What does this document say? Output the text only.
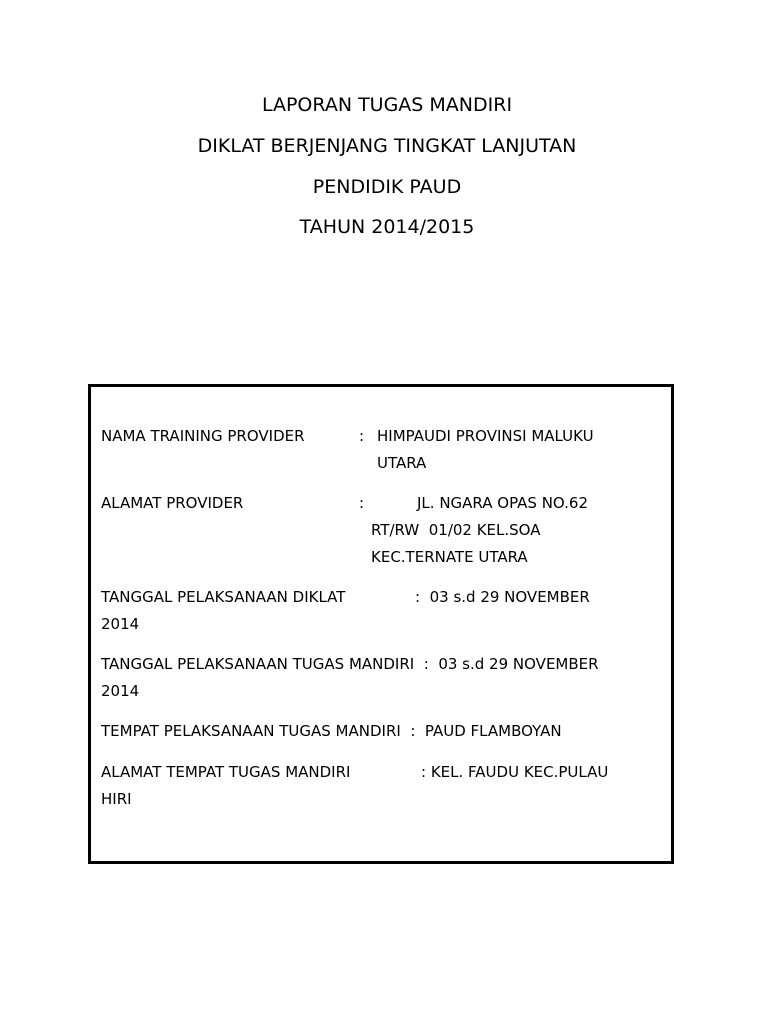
LAPORAN TUGAS MANDIRI
DIKLAT BERJENJANG TINGKAT LANJUTAN
PENDIDIK PAUD
TAHUN 2014/2015
NAMA TRAINING PROVIDER	: HIMPAUDI PROVINSI MALUKU
UTARA
ALAMAT PROVIDER	:	JL. NGARA OPAS NO.62
RT/RW  01/02 KEL.SOA
KEC.TERNATE UTARA
TANGGAL PELAKSANAAN DIKLAT	:  03 s.d 29 NOVEMBER
2014
TANGGAL PELAKSANAAN TUGAS MANDIRI  :  03 s.d 29 NOVEMBER
2014
TEMPAT PELAKSANAAN TUGAS MANDIRI  :  PAUD FLAMBOYAN
ALAMAT TEMPAT TUGAS MANDIRI	: KEL. FAUDU KEC.PULAU
HIRI
